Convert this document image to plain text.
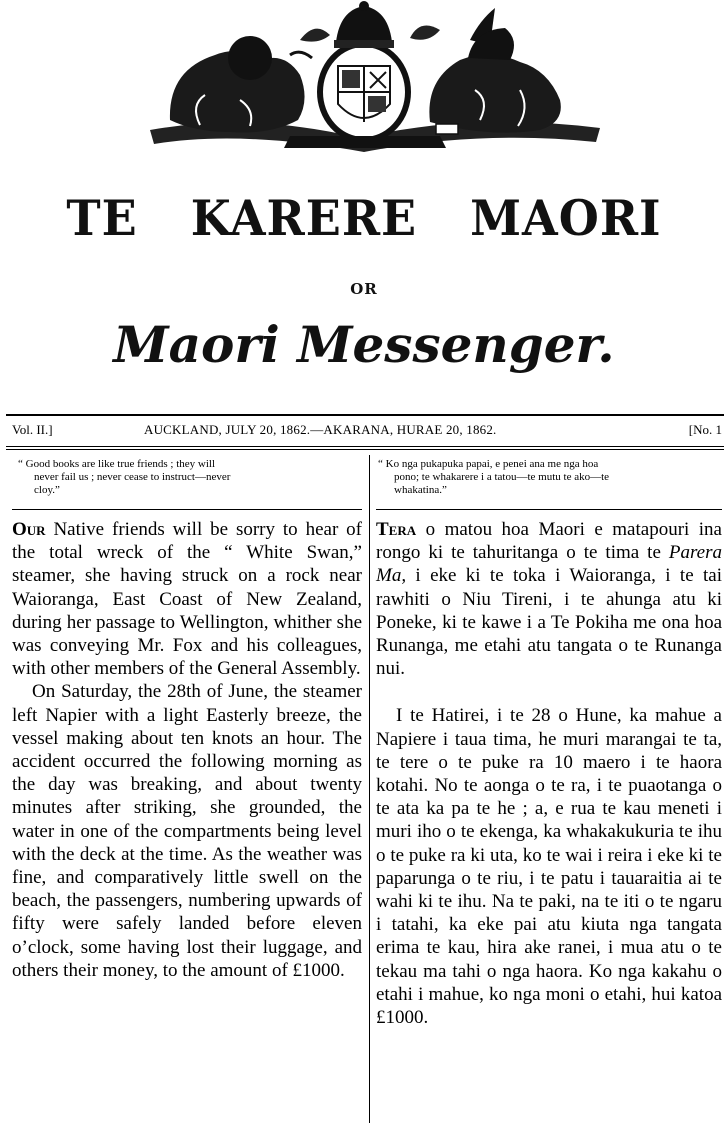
TE KARERE MAORI
OR
Maori Messenger.
Vol. II.]	AUCKLAND, JULY 20, 1862.—AKARANA, HURAE 20, 1862.	[No. 1
“ Good books are like true friends ; they will
never fail us ; never cease to instruct—never
cloy.”
“ Ko nga pukapuka papai, e penei ana me nga hoa
pono; te whakarere i a tatou—te mutu te ako—te
whakatina.”

Our Native friends will be sorry to hear of the total wreck of the “ White Swan,” steamer, she having struck on a rock near Waioranga, East Coast of New Zealand, during her passage to Wellington, whither she was conveying Mr. Fox and his colleagues, with other members of the General Assembly.

On Saturday, the 28th of June, the steamer left Napier with a light Easterly breeze, the vessel making about ten knots an hour. The accident occurred the following morning as the day was breaking, and about twenty minutes after striking, she grounded, the water in one of the compartments being level with the deck at the time. As the weather was fine, and comparatively little swell on the beach, the passengers, numbering upwards of fifty were safely landed before eleven o’clock, some having lost their luggage, and others their money, to the amount of £1000.

Tera o matou hoa Maori e matapouri ina rongo ki te tahuritanga o te tima te Parera Ma, i eke ki te toka i Waioranga, i te tai rawhiti o Niu Tireni, i te ahunga atu ki Poneke, ki te kawe i a Te Pokiha me ona hoa Runanga, me etahi atu tangata o te Runanga nui.

I te Hatirei, i te 28 o Hune, ka mahue a Napiere i taua tima, he muri marangai te ta, te tere o te puke ra 10 maero i te haora kotahi. No te aonga o te ra, i te puaotanga o te ata ka pa te he ; a, e rua te kau meneti i muri iho o te ekenga, ka whakakukuria te ihu o te puke ra ki uta, ko te wai i reira i eke ki te paparunga o te riu, i te patu i tauaraitia ai te wahi ki te ihu. Na te paki, na te iti o te ngaru i tatahi, ka eke pai atu kiuta nga tangata erima te kau, hira ake ranei, i mua atu o te tekau ma tahi o nga haora. Ko nga kakahu o etahi i mahue, ko nga moni o etahi, hui katoa £1000.
